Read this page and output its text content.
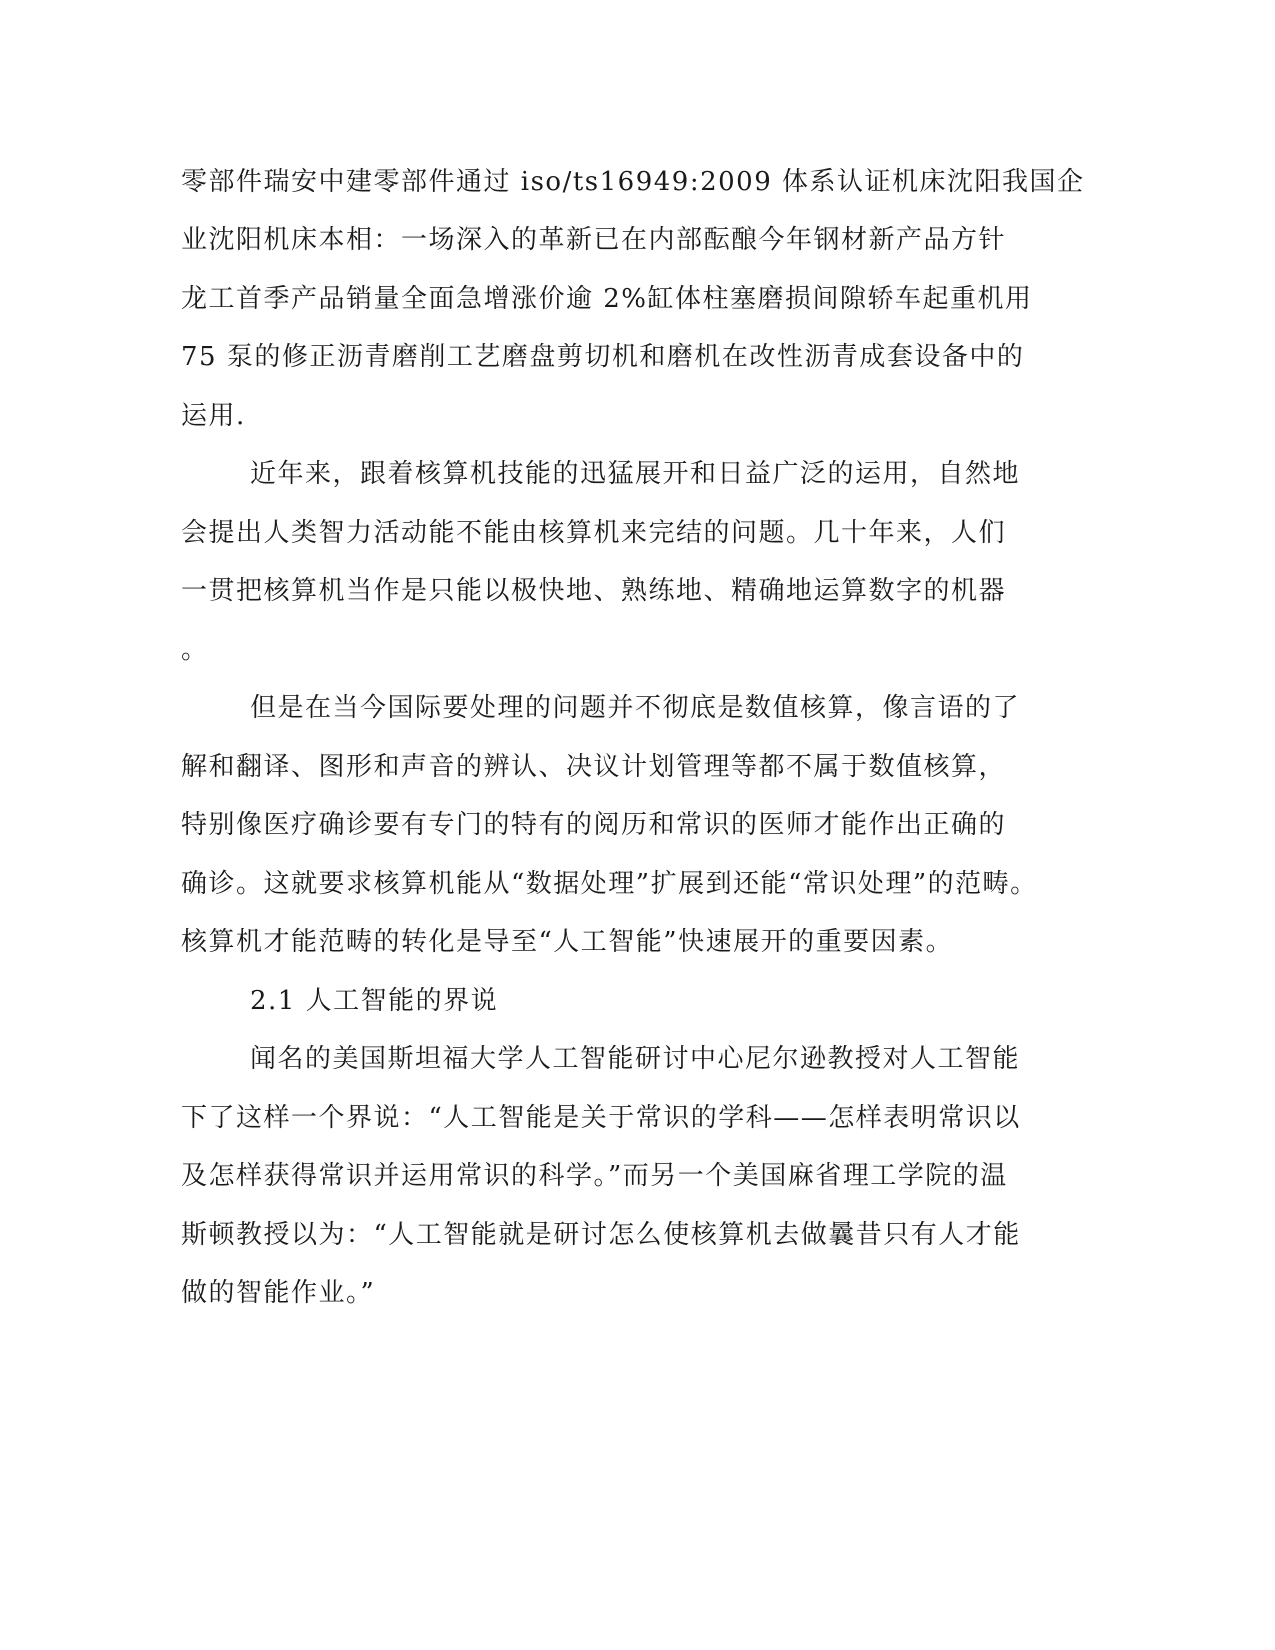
零部件瑞安中建零部件通过 iso/ts16949:2009 体系认证机床沈阳我国企
业沈阳机床本相：一场深入的革新已在内部酝酿今年钢材新产品方针
龙工首季产品销量全面急增涨价逾 2%缸体柱塞磨损间隙轿车起重机用
75 泵的修正沥青磨削工艺磨盘剪切机和磨机在改性沥青成套设备中的
运用.
近年来，跟着核算机技能的迅猛展开和日益广泛的运用，自然地
会提出人类智力活动能不能由核算机来完结的问题。几十年来，人们
一贯把核算机当作是只能以极快地、熟练地、精确地运算数字的机器
。
但是在当今国际要处理的问题并不彻底是数值核算，像言语的了
解和翻译、图形和声音的辨认、决议计划管理等都不属于数值核算，
特别像医疗确诊要有专门的特有的阅历和常识的医师才能作出正确的
确诊。这就要求核算机能从“数据处理”扩展到还能“常识处理”的范畴。
核算机才能范畴的转化是导至“人工智能”快速展开的重要因素。
2.1 人工智能的界说
闻名的美国斯坦福大学人工智能研讨中心尼尔逊教授对人工智能
下了这样一个界说：“人工智能是关于常识的学科——怎样表明常识以
及怎样获得常识并运用常识的科学。”而另一个美国麻省理工学院的温
斯顿教授以为：“人工智能就是研讨怎么使核算机去做曩昔只有人才能
做的智能作业。”
